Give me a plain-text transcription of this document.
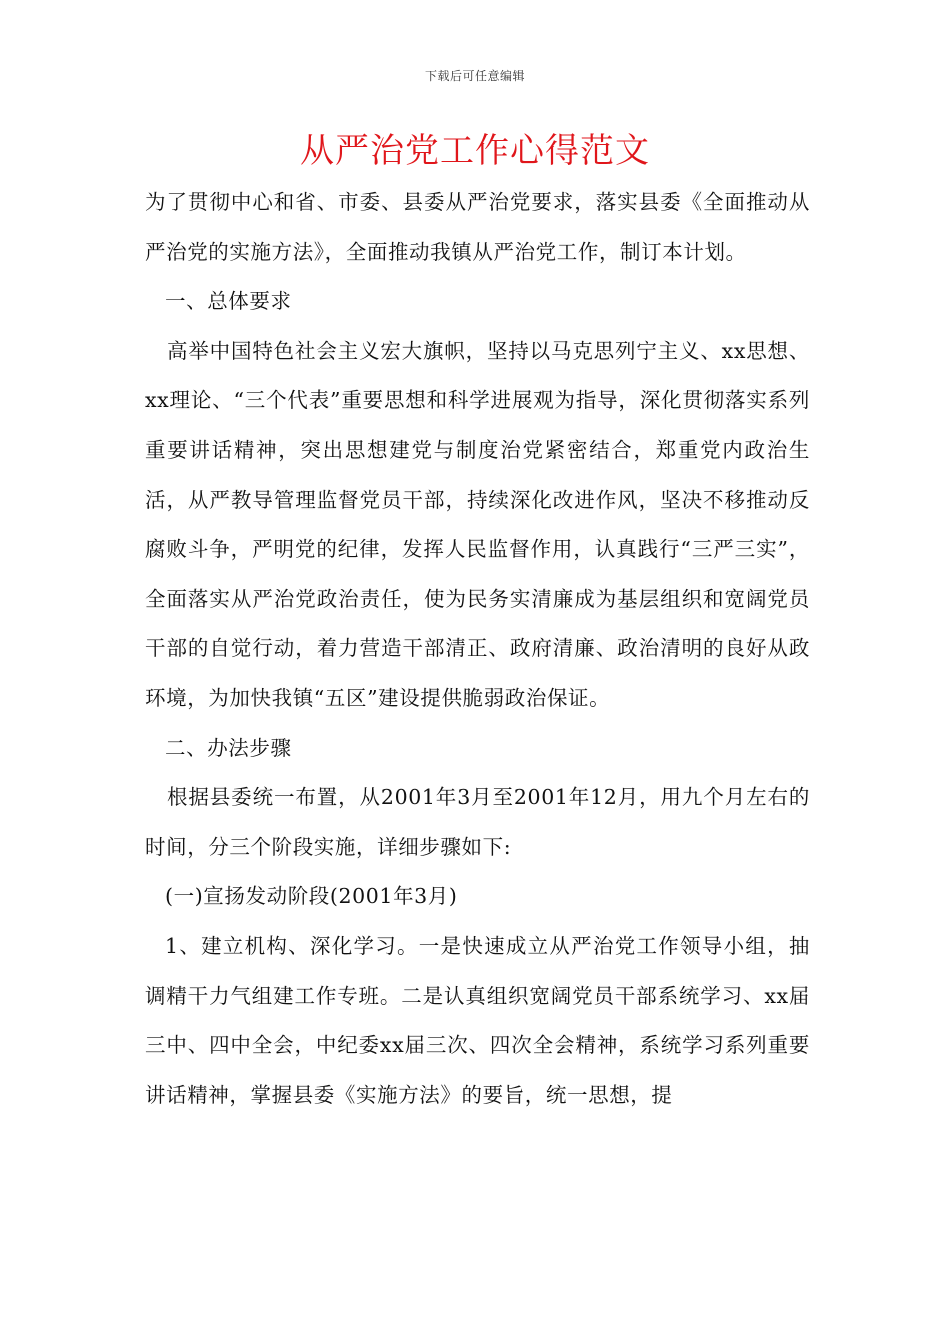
下载后可任意编辑
从严治党工作心得范文

为了贯彻中心和省、市委、县委从严治党要求，落实县委《全面推动从严治党的实施方法》，全面推动我镇从严治党工作，制订本计划。

一、总体要求

高举中国特色社会主义宏大旗帜，坚持以马克思列宁主义、xx思想、xx理论、“三个代表”重要思想和科学进展观为指导，深化贯彻落实系列重要讲话精神，突出思想建党与制度治党紧密结合，郑重党内政治生活，从严教导管理监督党员干部，持续深化改进作风，坚决不移推动反腐败斗争，严明党的纪律，发挥人民监督作用，认真践行“三严三实”，全面落实从严治党政治责任，使为民务实清廉成为基层组织和宽阔党员干部的自觉行动，着力营造干部清正、政府清廉、政治清明的良好从政环境，为加快我镇“五区”建设提供脆弱政治保证。

二、办法步骤

根据县委统一布置，从2001年3月至2001年12月，用九个月左右的时间，分三个阶段实施，详细步骤如下:

(一)宣扬发动阶段(2001年3月)

1、建立机构、深化学习。一是快速成立从严治党工作领导小组，抽调精干力气组建工作专班。二是认真组织宽阔党员干部系统学习、xx届三中、四中全会，中纪委xx届三次、四次全会精神，系统学习系列重要讲话精神，掌握县委《实施方法》的要旨，统一思想，提
